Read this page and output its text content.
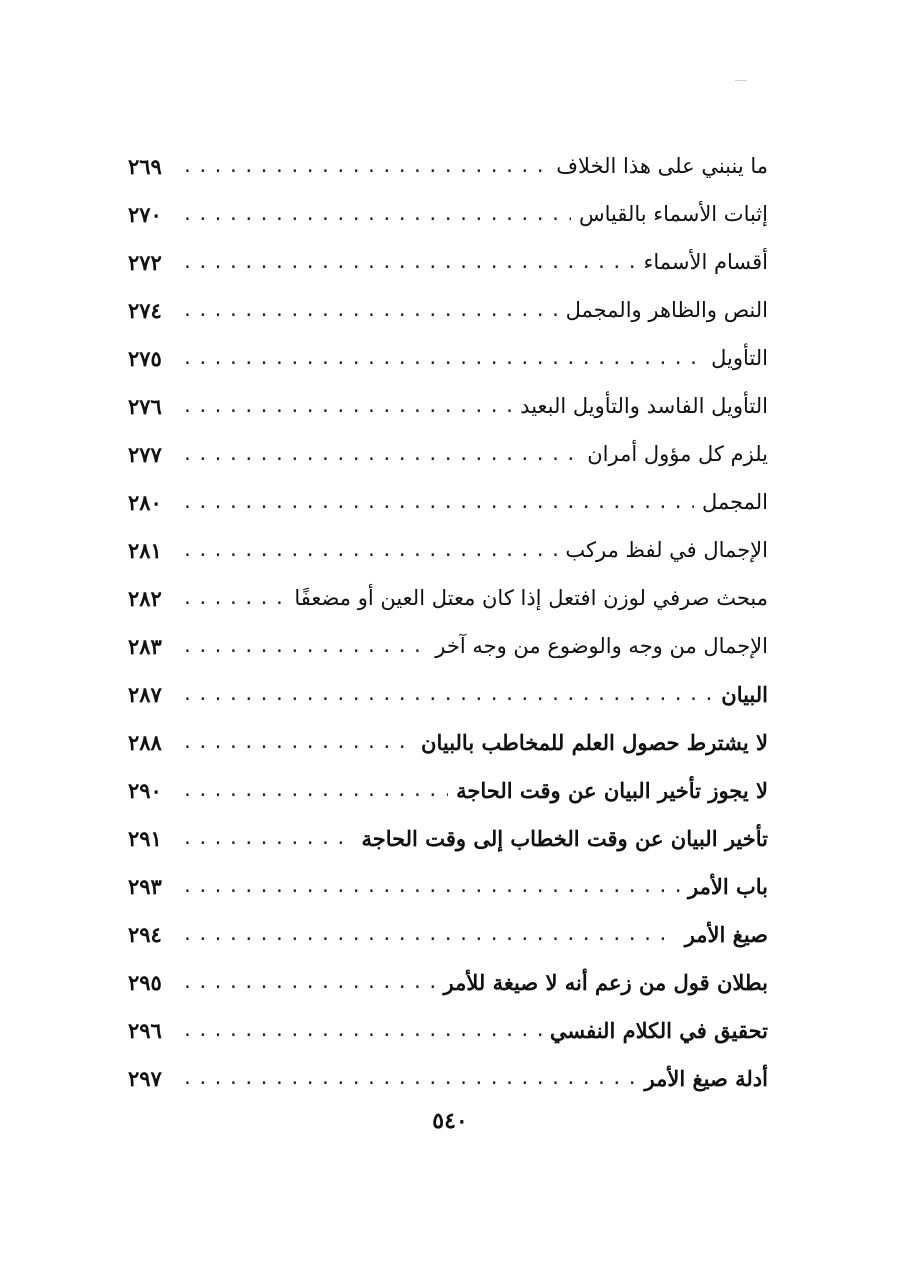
ما ينبني على هذا الخلاف
.....
٢٦٩
إثبات الأسماء بالقياس
.....
٢٧٠
أقسام الأسماء
.....
٢٧٢
النص والظاهر والمجمل
.....
٢٧٤
التأويل
.....
٢٧٥
التأويل الفاسد والتأويل البعيد
.....
٢٧٦
يلزم كل مؤول أمران
.....
٢٧٧
المجمل
.....
٢٨٠
الإجمال في لفظ مركب
.....
٢٨١
مبحث صرفي لوزن افتعل إذا كان معتل العين أو مضعفًا
.....
٢٨٢
الإجمال من وجه والوضوع من وجه آخر
.....
٢٨٣
البيان
.....
٢٨٧
لا يشترط حصول العلم للمخاطب بالبيان
.....
٢٨٨
لا يجوز تأخير البيان عن وقت الحاجة
.....
٢٩٠
تأخير البيان عن وقت الخطاب إلى وقت الحاجة
.....
٢٩١
باب الأمر
.....
٢٩٣
صيغ الأمر
.....
٢٩٤
بطلان قول من زعم أنه لا صيغة للأمر
.....
٢٩٥
تحقيق في الكلام النفسي
.....
٢٩٦
أدلة صيغ الأمر
.....
٢٩٧
٥٤٠
